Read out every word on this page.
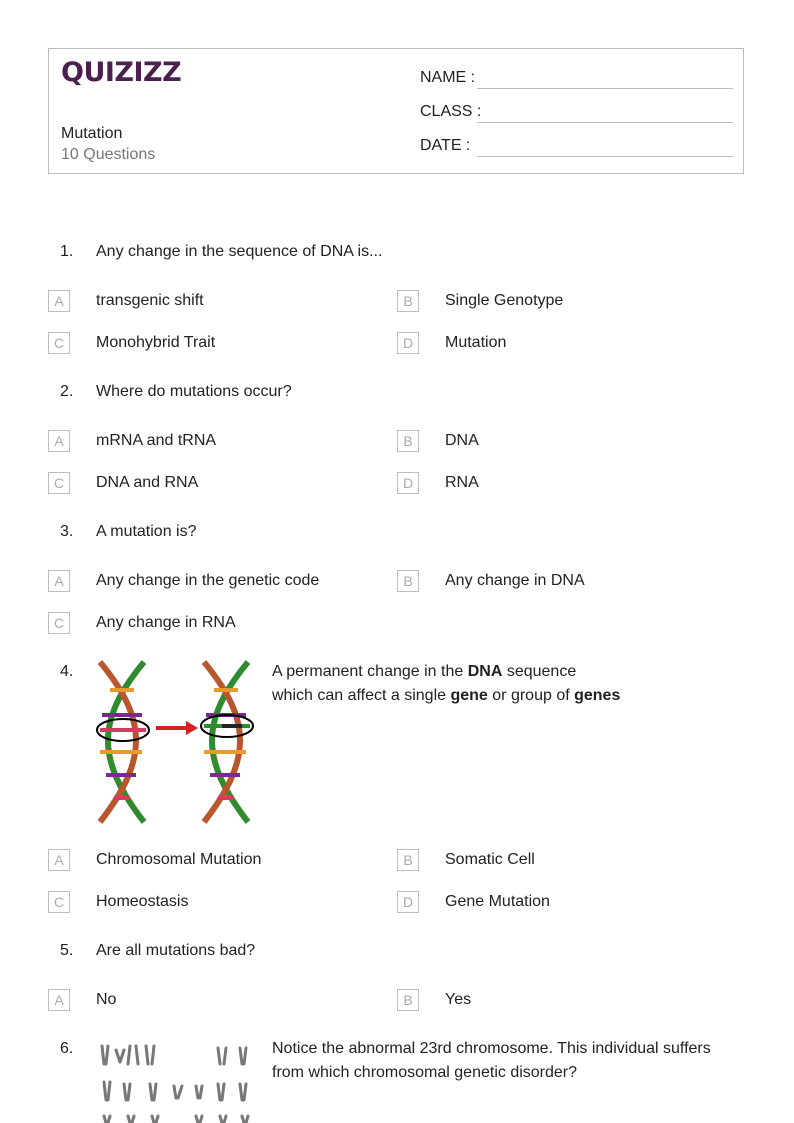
QUIZIZZ
Mutation
10 Questions
NAME :
CLASS :
DATE :
1. Any change in the sequence of DNA is...
A	transgenic shift	B	Single Genotype
C	Monohybrid Trait	D	Mutation
2. Where do mutations occur?
A	mRNA and tRNA	B	DNA
C	DNA and RNA	D	RNA
3. A mutation is?
A	Any change in the genetic code	B	Any change in DNA
C	Any change in RNA
4.	A permanent change in the DNA sequence
which can affect a single gene or group of genes
A	Chromosomal Mutation	B	Somatic Cell
C	Homeostasis	D	Gene Mutation
5. Are all mutations bad?
A	No	B	Yes
6.	Notice the abnormal 23rd chromosome. This individual suffers
from which chromosomal genetic disorder?
